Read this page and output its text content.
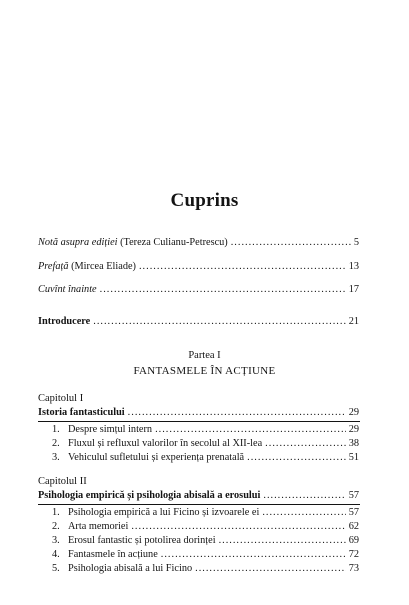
Cuprins
Notă asupra ediției (Tereza Culianu-Petrescu) .....	5
Prefață (Mircea Eliade) .....	13
Cuvînt înainte .....	17
Introducere .....	21
Partea I
FANTASMELE ÎN ACȚIUNE
Capitolul I
Istoria fantasticului .....	29
1. Despre simțul intern .....	29
2. Fluxul și refluxul valorilor în secolul al XII-lea .....	38
3. Vehiculul sufletului și experiența prenatală .....	51
Capitolul II
Psihologia empirică și psihologia abisală a erosului .....	57
1. Psihologia empirică a lui Ficino și izvoarele ei .....	57
2. Arta memoriei .....	62
3. Erosul fantastic și potolirea dorinței .....	69
4. Fantasmele în acțiune .....	72
5. Psihologia abisală a lui Ficino .....	73
